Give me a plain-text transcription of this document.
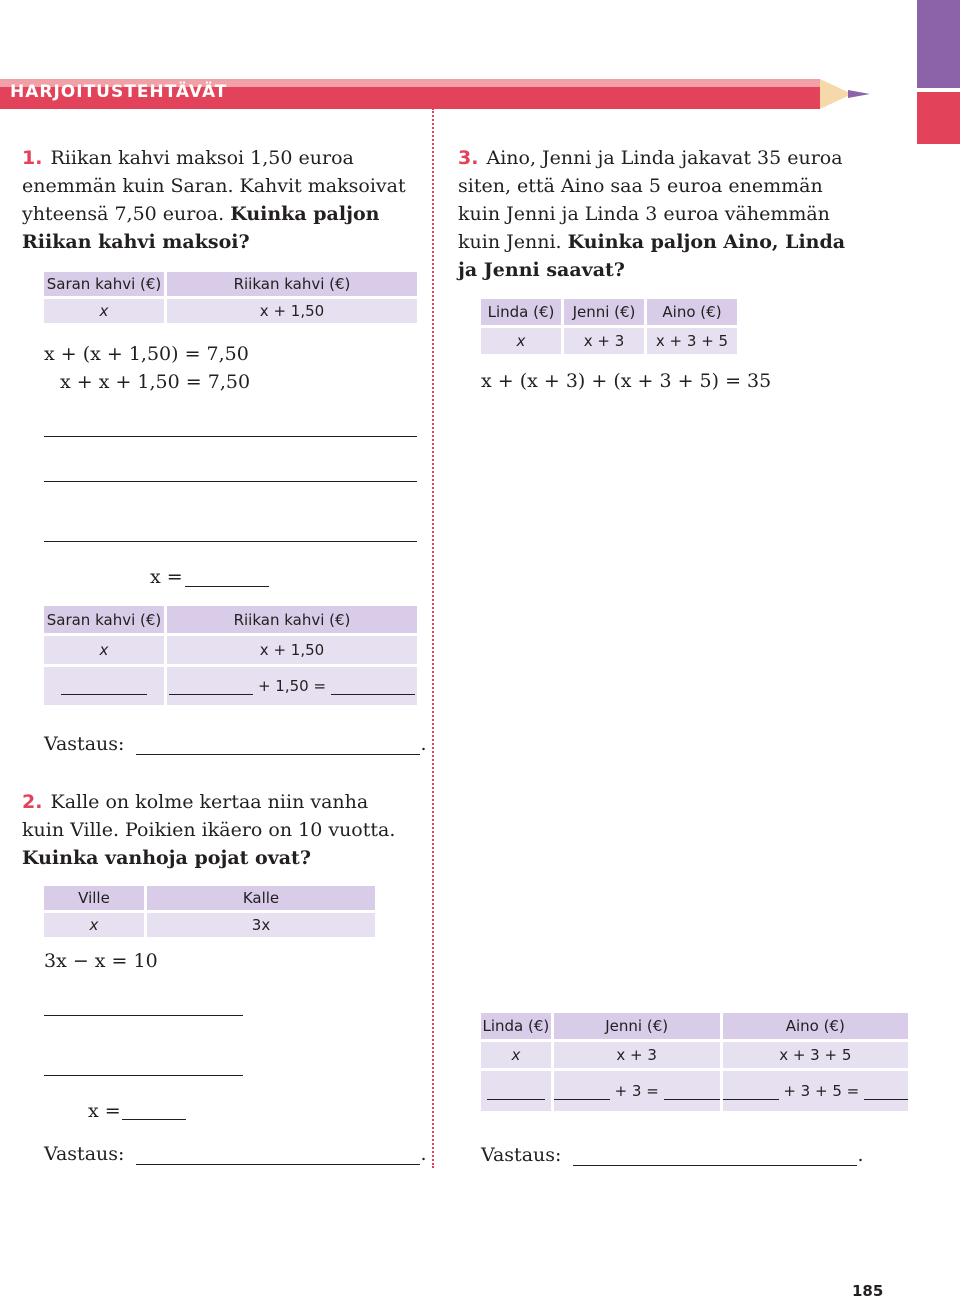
HARJOITUSTEHTÄVÄT
1. Riikan kahvi maksoi 1,50 euroa enemmän kuin Saran. Kahvit maksoivat yhteensä 7,50 euroa. Kuinka paljon Riikan kahvi maksoi?
Saran kahvi (€)	Riikan kahvi (€)
x	x + 1,50
x + (x + 1,50) = 7,50
x + x + 1,50 = 7,50
x =
Saran kahvi (€)	Riikan kahvi (€)
x	x + 1,50
	+ 1,50 =
Vastaus:	.
2. Kalle on kolme kertaa niin vanha kuin Ville. Poikien ikäero on 10 vuotta. Kuinka vanhoja pojat ovat?
Ville	Kalle
x	3x
3x − x = 10
x =
Vastaus:	.
3. Aino, Jenni ja Linda jakavat 35 euroa siten, että Aino saa 5 euroa enemmän kuin Jenni ja Linda 3 euroa vähemmän kuin Jenni. Kuinka paljon Aino, Linda ja Jenni saavat?
Linda (€)	Jenni (€)	Aino (€)
x	x + 3	x + 3 + 5
x + (x + 3) + (x + 3 + 5) = 35
Linda (€)	Jenni (€)	Aino (€)
x	x + 3	x + 3 + 5
	+ 3 =	+ 3 + 5 =
Vastaus:	.
185
